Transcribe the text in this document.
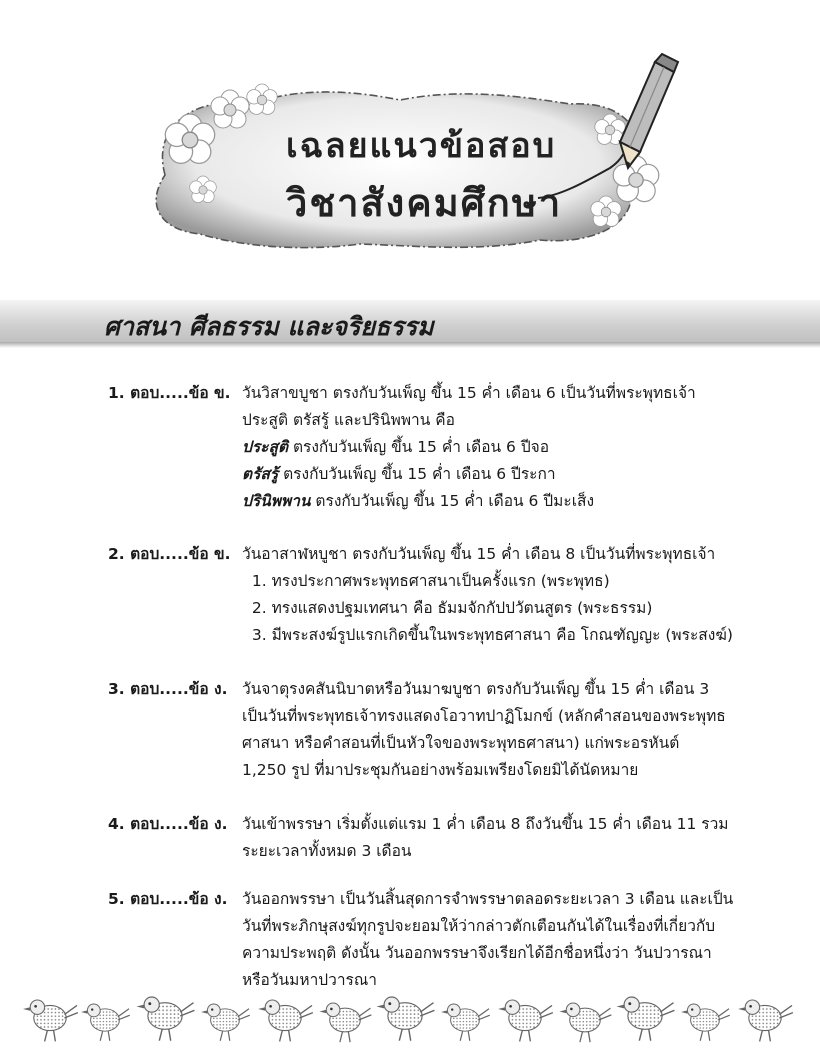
เฉลยแนวข้อสอบ
วิชาสังคมศึกษา
ศาสนา ศีลธรรม และจริยธรรม
1. ตอบ.....ข้อ ข. วันวิสาขบูชา ตรงกับวันเพ็ญ ขึ้น 15 ค่ำ เดือน 6 เป็นวันที่พระพุทธเจ้า
ประสูติ ตรัสรู้ และปรินิพพาน คือ
ประสูติ ตรงกับวันเพ็ญ ขึ้น 15 ค่ำ เดือน 6 ปีจอ
ตรัสรู้ ตรงกับวันเพ็ญ ขึ้น 15 ค่ำ เดือน 6 ปีระกา
ปรินิพพาน ตรงกับวันเพ็ญ ขึ้น 15 ค่ำ เดือน 6 ปีมะเส็ง
2. ตอบ.....ข้อ ข. วันอาสาฬหบูชา ตรงกับวันเพ็ญ ขึ้น 15 ค่ำ เดือน 8 เป็นวันที่พระพุทธเจ้า
1. ทรงประกาศพระพุทธศาสนาเป็นครั้งแรก (พระพุทธ)
2. ทรงแสดงปฐมเทศนา คือ ธัมมจักกัปปวัตนสูตร (พระธรรม)
3. มีพระสงฆ์รูปแรกเกิดขึ้นในพระพุทธศาสนา คือ โกณฑัญญะ (พระสงฆ์)
3. ตอบ.....ข้อ ง. วันจาตุรงคสันนิบาตหรือวันมาฆบูชา ตรงกับวันเพ็ญ ขึ้น 15 ค่ำ เดือน 3
เป็นวันที่พระพุทธเจ้าทรงแสดงโอวาทปาฏิโมกข์ (หลักคำสอนของพระพุทธ
ศาสนา หรือคำสอนที่เป็นหัวใจของพระพุทธศาสนา) แก่พระอรหันต์
1,250 รูป ที่มาประชุมกันอย่างพร้อมเพรียงโดยมิได้นัดหมาย
4. ตอบ.....ข้อ ง. วันเข้าพรรษา เริ่มตั้งแต่แรม 1 ค่ำ เดือน 8 ถึงวันขึ้น 15 ค่ำ เดือน 11 รวม
ระยะเวลาทั้งหมด 3 เดือน
5. ตอบ.....ข้อ ง. วันออกพรรษา เป็นวันสิ้นสุดการจำพรรษาตลอดระยะเวลา 3 เดือน และเป็น
วันที่พระภิกษุสงฆ์ทุกรูปจะยอมให้ว่ากล่าวตักเตือนกันได้ในเรื่องที่เกี่ยวกับ
ความประพฤติ ดังนั้น วันออกพรรษาจึงเรียกได้อีกชื่อหนึ่งว่า วันปวารณา
หรือวันมหาปวารณา
